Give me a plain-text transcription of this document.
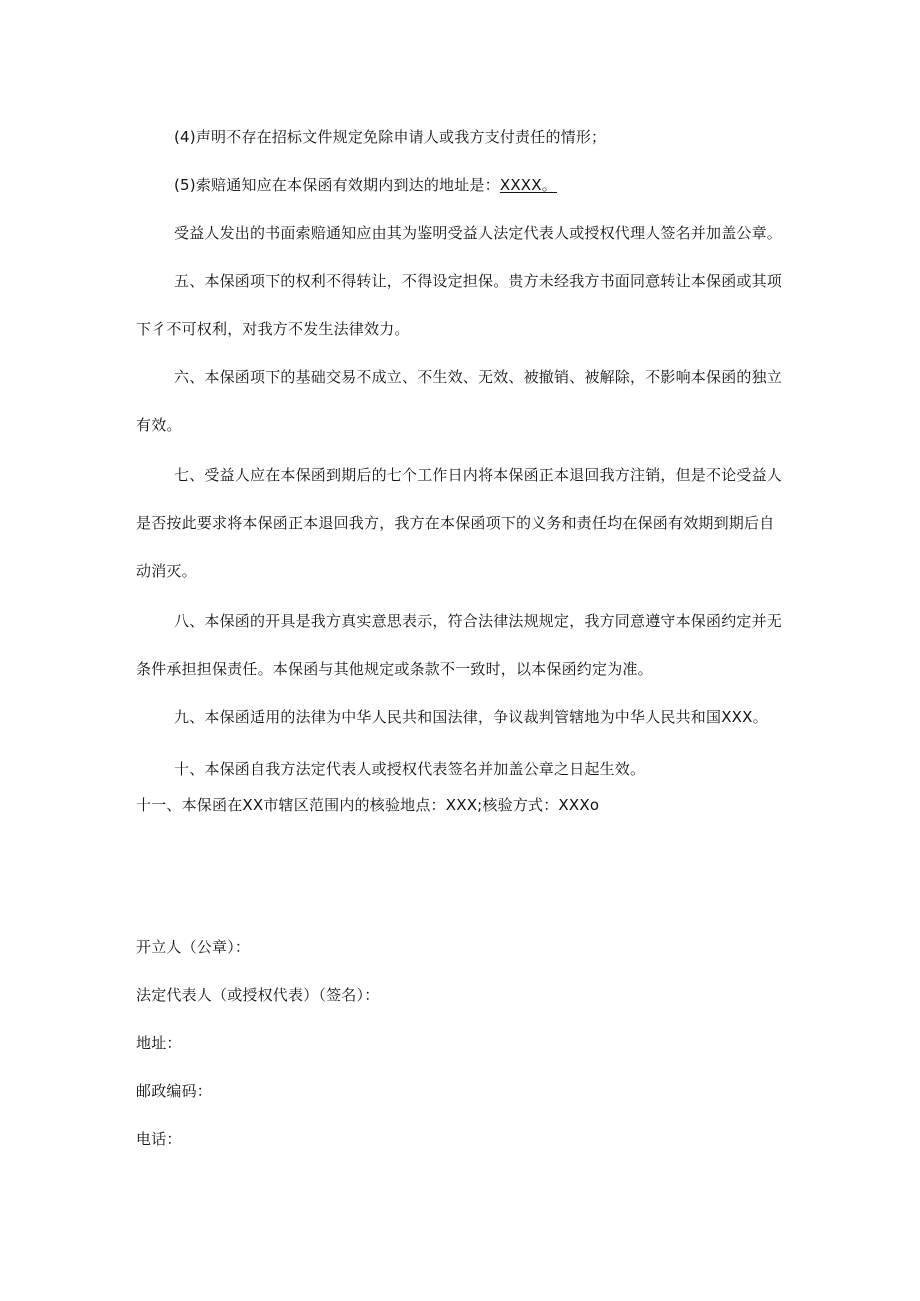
(4)声明不存在招标文件规定免除申请人或我方支付责任的情形；
(5)索赔通知应在本保函有效期内到达的地址是：XXXX。
受益人发出的书面索赔通知应由其为鉴明受益人法定代表人或授权代理人签名并加盖公章。
五、本保函项下的权利不得转让，不得设定担保。贵方未经我方书面同意转让本保函或其项
下彳不可权利，对我方不发生法律效力。
六、本保函项下的基础交易不成立、不生效、无效、被撤销、被解除，不影响本保函的独立
有效。
七、受益人应在本保函到期后的七个工作日内将本保函正本退回我方注销，但是不论受益人
是否按此要求将本保函正本退回我方，我方在本保函项下的义务和责任均在保函有效期到期后自
动消灭。
八、本保函的开具是我方真实意思表示，符合法律法规规定，我方同意遵守本保函约定并无
条件承担担保责任。本保函与其他规定或条款不一致时，以本保函约定为准。
九、本保函适用的法律为中华人民共和国法律，争议裁判管辖地为中华人民共和国XXX。
十、本保函自我方法定代表人或授权代表签名并加盖公章之日起生效。
十一、本保函在XX市辖区范围内的核验地点：XXX;核验方式：XXXo
开立人（公章）：
法定代表人（或授权代表）（签名）：
地址：
邮政编码：
电话：
